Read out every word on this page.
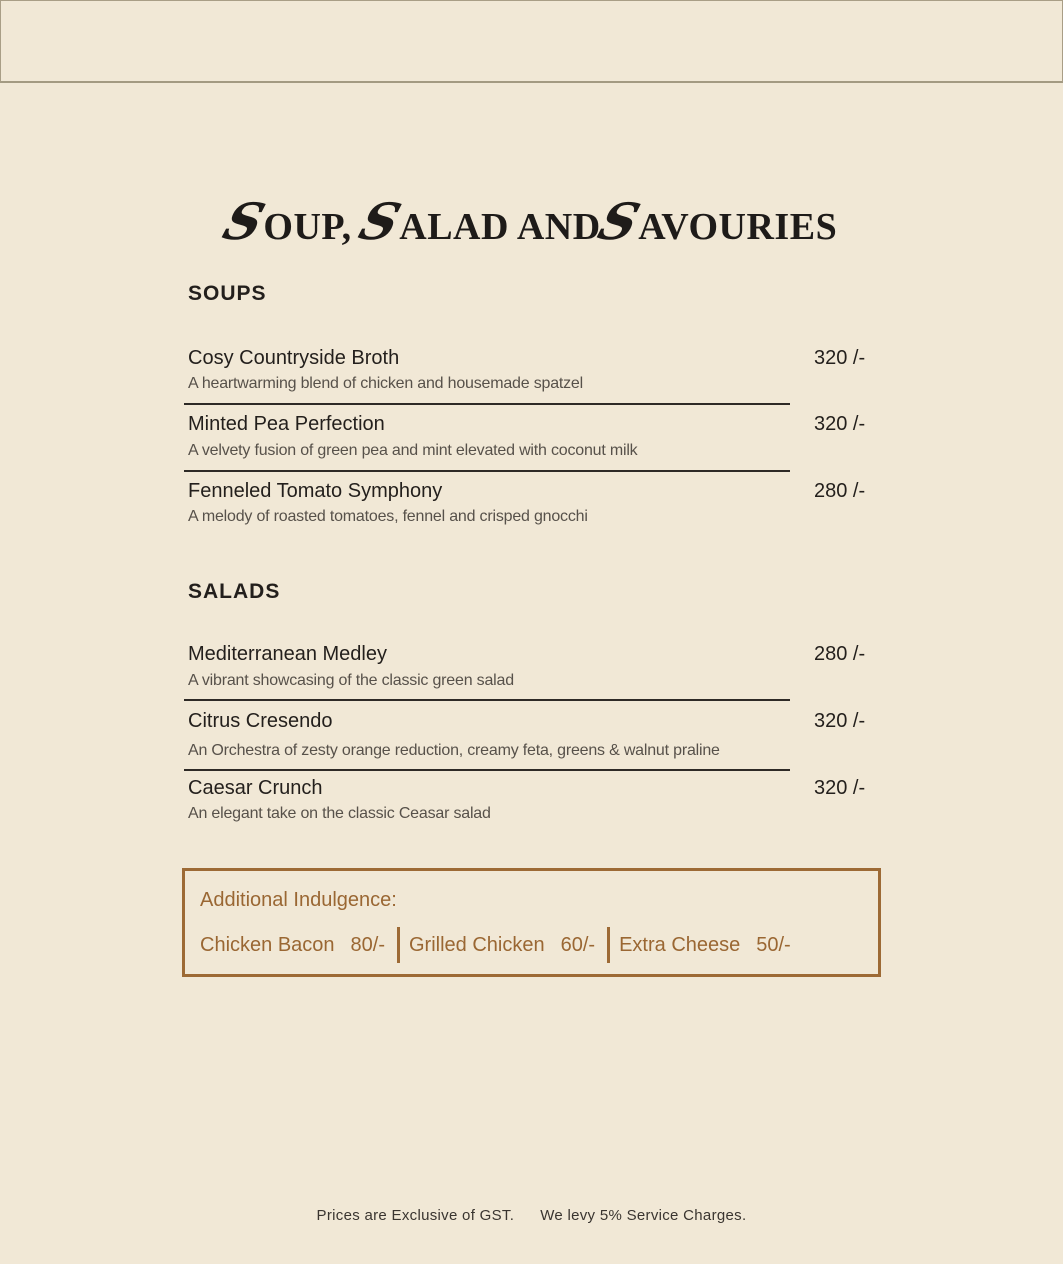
SOUP, SALAD ANDSAVOURIES
SOUPS
Cosy Countryside Broth	320 /-
A heartwarming blend of chicken and housemade spatzel
Minted Pea Perfection	320 /-
A velvety fusion of green pea and mint elevated with coconut milk
Fenneled Tomato Symphony	280 /-
A melody of roasted tomatoes, fennel and crisped gnocchi
SALADS
Mediterranean Medley	280 /-
A vibrant showcasing of the classic green salad
Citrus Cresendo	320 /-
An Orchestra of zesty orange reduction, creamy feta, greens & walnut praline
Caesar Crunch	320 /-
An elegant take on the classic Ceasar salad
Additional Indulgence:
Chicken Bacon 80/- Grilled Chicken 60/- Extra Cheese 50/-
Prices are Exclusive of GST. We levy 5% Service Charges.
